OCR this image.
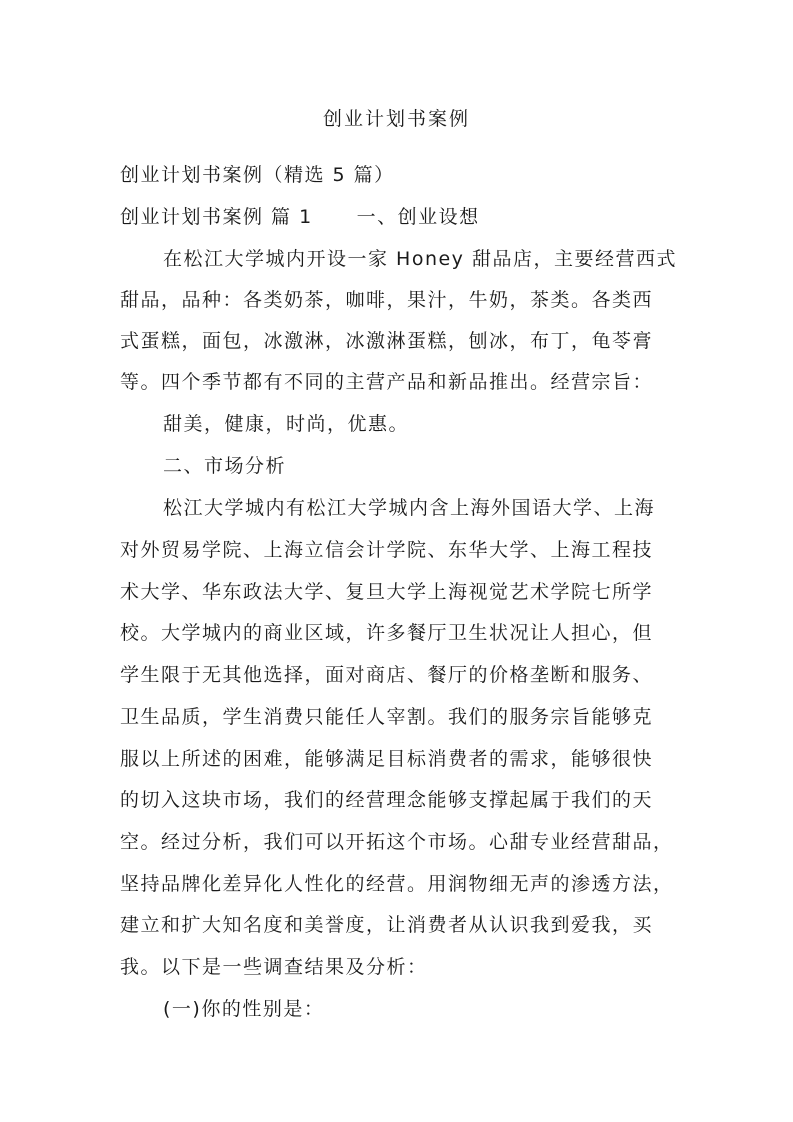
创业计划书案例
创业计划书案例（精选 5 篇）
创业计划书案例 篇 1 一、创业设想
在松江大学城内开设一家 Honey 甜品店，主要经营西式
甜品，品种：各类奶茶，咖啡，果汁，牛奶，茶类。各类西
式蛋糕，面包，冰激淋，冰激淋蛋糕，刨冰，布丁，龟苓膏
等。四个季节都有不同的主营产品和新品推出。经营宗旨：
甜美，健康，时尚，优惠。
二、市场分析
松江大学城内有松江大学城内含上海外国语大学、上海
对外贸易学院、上海立信会计学院、东华大学、上海工程技
术大学、华东政法大学、复旦大学上海视觉艺术学院七所学
校。大学城内的商业区域，许多餐厅卫生状况让人担心，但
学生限于无其他选择，面对商店、餐厅的价格垄断和服务、
卫生品质，学生消费只能任人宰割。我们的服务宗旨能够克
服以上所述的困难，能够满足目标消费者的需求，能够很快
的切入这块市场，我们的经营理念能够支撑起属于我们的天
空。经过分析，我们可以开拓这个市场。心甜专业经营甜品，
坚持品牌化差异化人性化的经营。用润物细无声的渗透方法，
建立和扩大知名度和美誉度，让消费者从认识我到爱我，买
我。以下是一些调查结果及分析：
(一)你的性别是：
